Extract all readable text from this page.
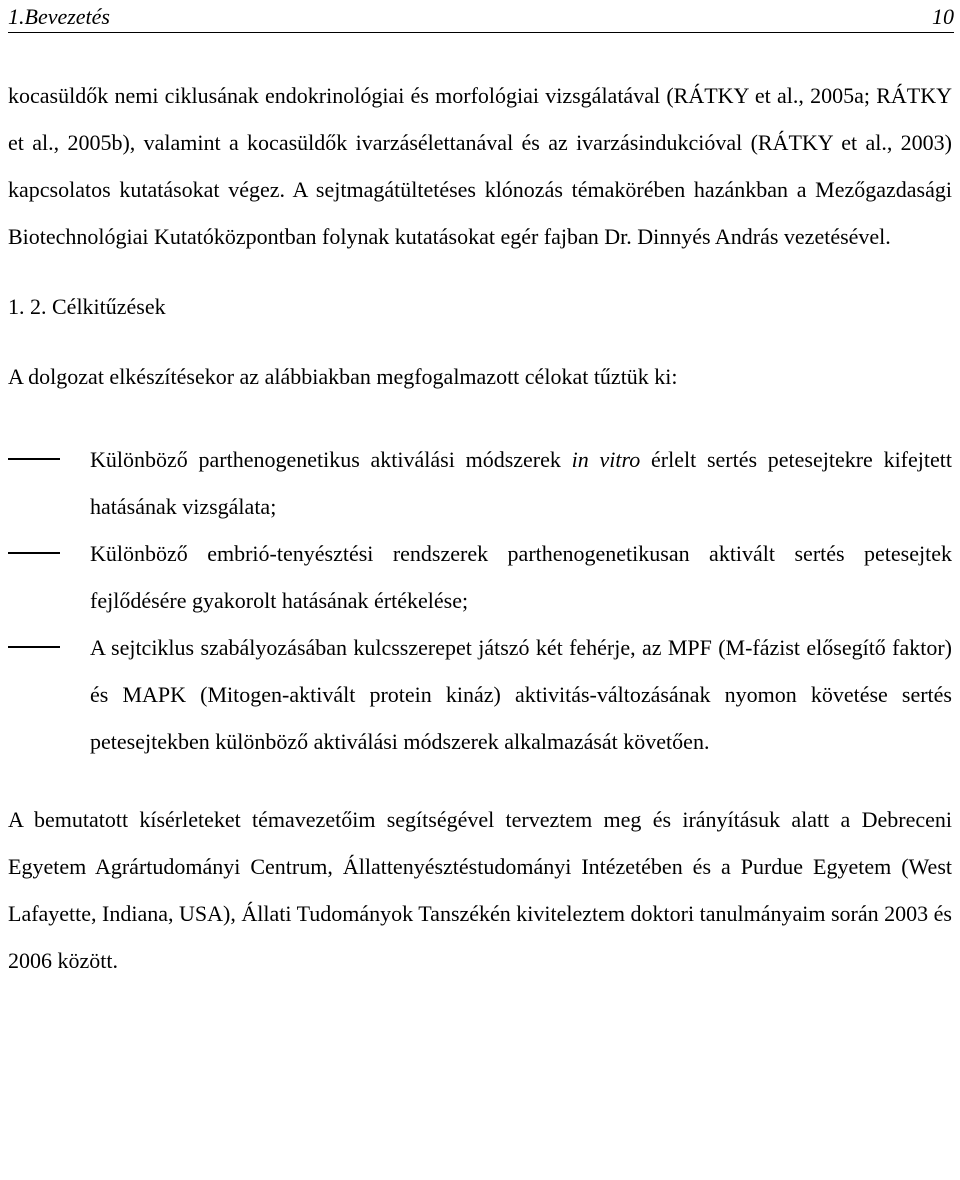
1.Bevezetés	10

kocasüldők nemi ciklusának endokrinológiai és morfológiai vizsgálatával (RÁTKY et al., 2005a; RÁTKY et al., 2005b), valamint a kocasüldők ivarzásélettanával és az ivarzásindukcióval (RÁTKY et al., 2003) kapcsolatos kutatásokat végez. A sejtmagátültetéses klónozás témakörében hazánkban a Mezőgazdasági Biotechnológiai Kutatóközpontban folynak kutatásokat egér fajban Dr. Dinnyés András vezetésével.

1. 2. Célkitűzések

A dolgozat elkészítésekor az alábbiakban megfogalmazott célokat tűztük ki:

Különböző parthenogenetikus aktiválási módszerek in vitro érlelt sertés petesejtekre kifejtett hatásának vizsgálata;
Különböző embrió-tenyésztési rendszerek parthenogenetikusan aktivált sertés petesejtek fejlődésére gyakorolt hatásának értékelése;
A sejtciklus szabályozásában kulcsszerepet játszó két fehérje, az MPF (M-fázist elősegítő faktor) és MAPK (Mitogen-aktivált protein kináz) aktivitás-változásának nyomon követése sertés petesejtekben különböző aktiválási módszerek alkalmazását követően.

A bemutatott kísérleteket témavezetőim segítségével terveztem meg és irányításuk alatt a Debreceni Egyetem Agrártudományi Centrum, Állattenyésztéstudományi Intézetében és a Purdue Egyetem (West Lafayette, Indiana, USA), Állati Tudományok Tanszékén kiviteleztem doktori tanulmányaim során 2003 és 2006 között.
